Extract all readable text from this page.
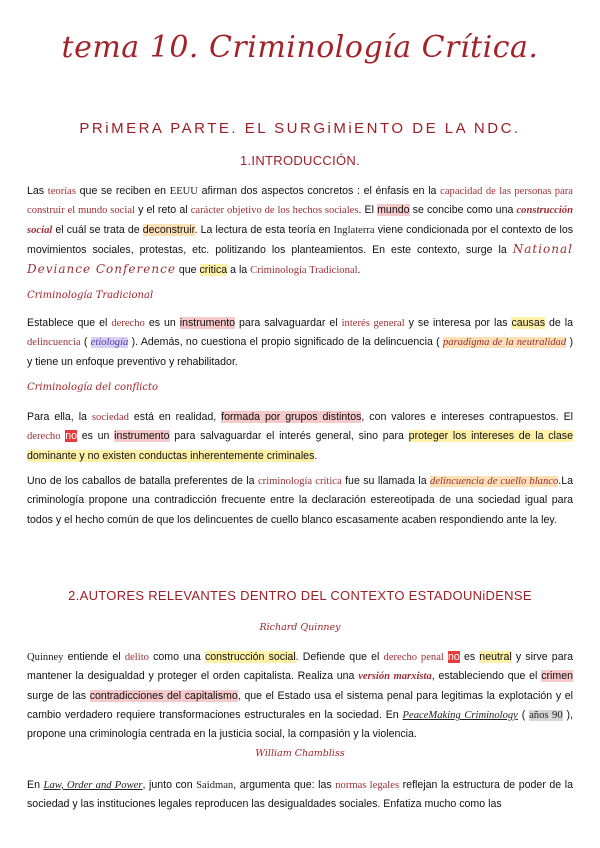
tema 10. Criminología Crítica.
PRiMERA PARTE. EL SURGiMiENTO DE LA NDC.
1.INTRODUCCIÓN.
Las teorías que se reciben en EEUU afirman dos aspectos concretos : el énfasis en la capacidad de las personas para construir el mundo social y el reto al carácter objetivo de los hechos sociales. El mundo se concibe como una construcción social el cuál se trata de deconstruir. La lectura de esta teoría en Inglaterra viene condicionada por el contexto de los movimientos sociales, protestas, etc. politizando los planteamientos. En este contexto, surge la National Deviance Conference que critica a la Criminología Tradicional.
Criminología Tradicional
Establece que el derecho es un instrumento para salvaguardar el interés general y se interesa por las causas de la delincuencia ( etiología ). Además, no cuestiona el propio significado de la delincuencia ( paradigma de la neutralidad ) y tiene un enfoque preventivo y rehabilitador.
Criminología del conflicto
Para ella, la sociedad está en realidad, formada por grupos distintos, con valores e intereses contrapuestos. El derecho no es un instrumento para salvaguardar el interés general, sino para proteger los intereses de la clase dominante y no existen conductas inherentemente criminales.
Uno de los caballos de batalla preferentes de la criminología crítica fue su llamada la delincuencia de cuello blanco.La criminología propone una contradicción frecuente entre la declaración estereotipada de una sociedad igual para todos y el hecho común de que los delincuentes de cuello blanco escasamente acaben respondiendo ante la ley.
2.AUTORES RELEVANTES DENTRO DEL CONTEXTO ESTADOUNiDENSE
Richard Quinney
Quinney entiende el delito como una construcción social. Defiende que el derecho penal no es neutral y sirve para mantener la desigualdad y proteger el orden capitalista. Realiza una versión marxista, estableciendo que el crimen surge de las contradicciones del capitalismo, que el Estado usa el sistema penal para legitimas la explotación y el cambio verdadero requiere transformaciones estructurales en la sociedad. En PeaceMaking Criminology ( años 90 ), propone una criminología centrada en la justicia social, la compasión y la violencia.
William Chambliss
En Law, Order and Power, junto con Saidman, argumenta que: las normas legales reflejan la estructura de poder de la sociedad y las instituciones legales reproducen las desigualdades sociales. Enfatiza mucho como las
